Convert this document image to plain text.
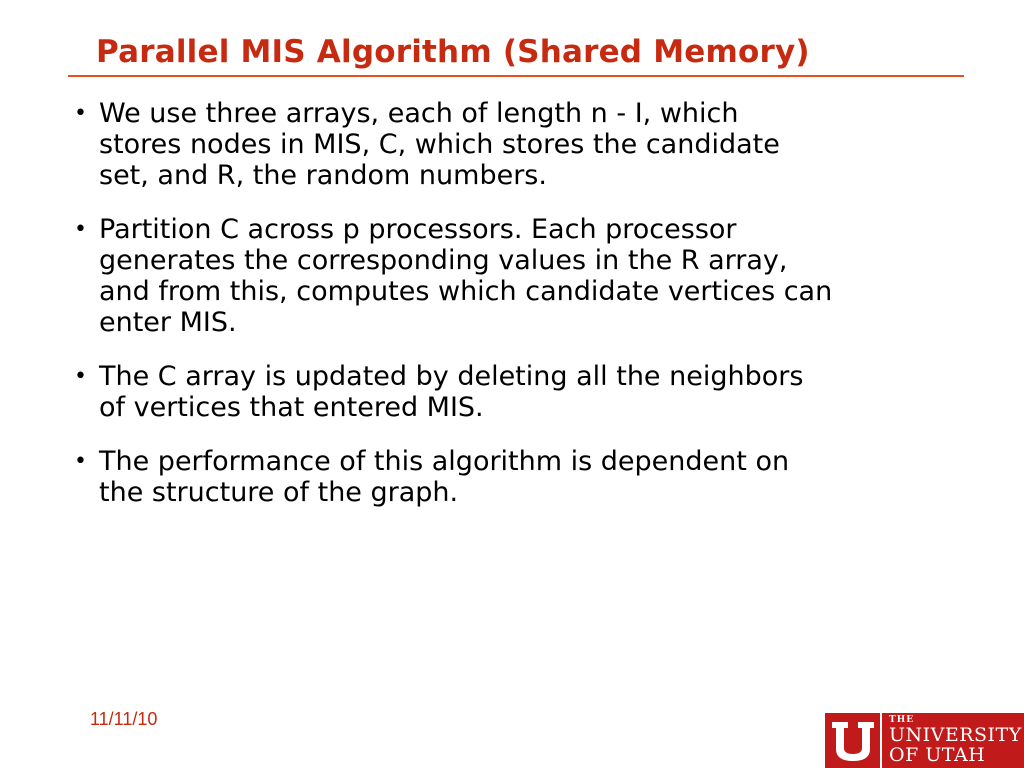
Parallel MIS Algorithm (Shared Memory)
• We use three arrays, each of length n - I, which
stores nodes in MIS, C, which stores the candidate
set, and R, the random numbers.
• Partition C across p processors. Each processor
generates the corresponding values in the R array,
and from this, computes which candidate vertices can
enter MIS.
• The C array is updated by deleting all the neighbors
of vertices that entered MIS.
• The performance of this algorithm is dependent on
the structure of the graph.
11/11/10	THE
UNIVERSITY
OF UTAH
